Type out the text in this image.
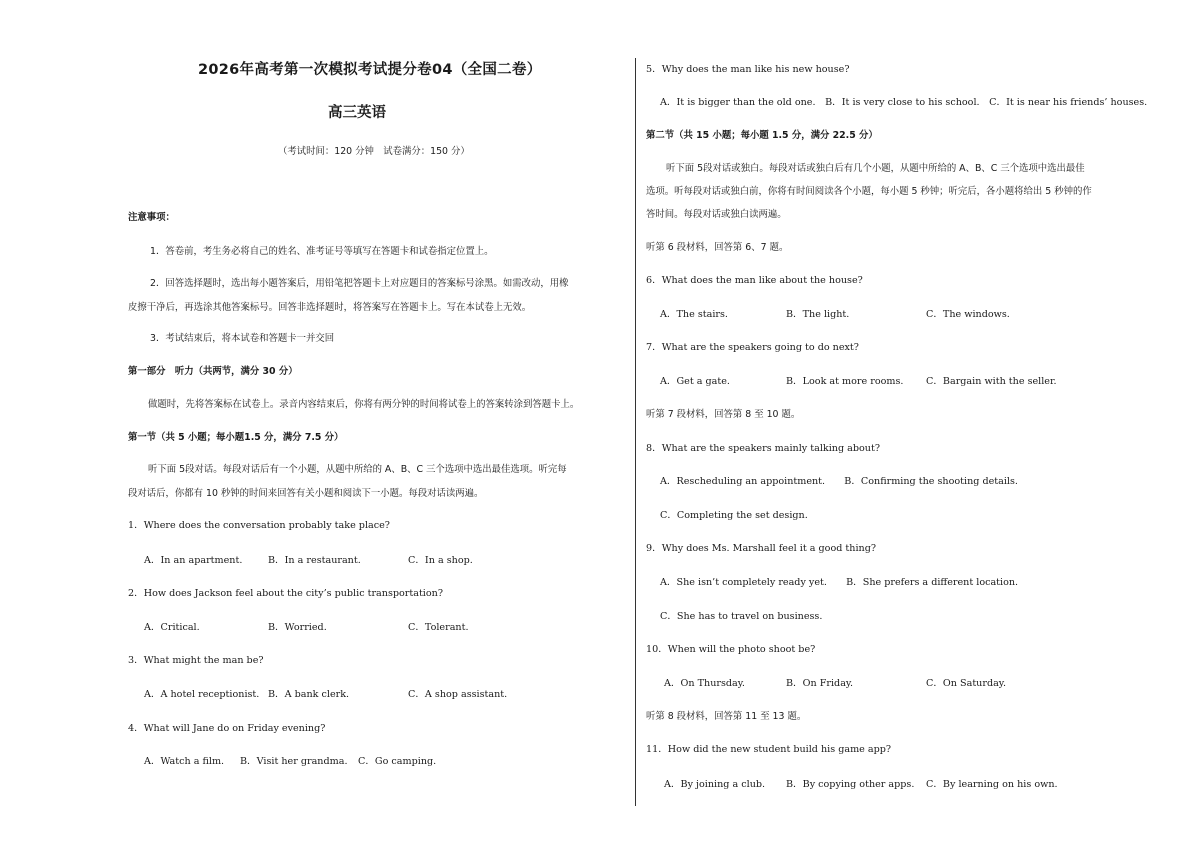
2026年高考第一次模拟考试提分卷04（全国二卷）
高三英语
（考试时间：120 分钟　试卷满分：150 分）
注意事项：
1．答卷前，考生务必将自己的姓名、准考证号等填写在答题卡和试卷指定位置上。
2．回答选择题时，选出每小题答案后，用铅笔把答题卡上对应题目的答案标号涂黑。如需改动，用橡
皮擦干净后，再选涂其他答案标号。回答非选择题时，将答案写在答题卡上。写在本试卷上无效。
3．考试结束后，将本试卷和答题卡一并交回
第一部分　听力（共两节，满分 30 分）
做题时，先将答案标在试卷上。录音内容结束后，你将有两分钟的时间将试卷上的答案转涂到答题卡上。
第一节（共 5 小题；每小题1.5 分，满分 7.5 分）
听下面 5段对话。每段对话后有一个小题，从题中所给的 A、B、C 三个选项中选出最佳选项。听完每
段对话后，你都有 10 秒钟的时间来回答有关小题和阅读下一小题。每段对话读两遍。
1．Where does the conversation probably take place?
A．In an apartment.	B．In a restaurant.	C．In a shop.
2．How does Jackson feel about the city’s public transportation?
A．Critical.	B．Worried.	C．Tolerant.
3．What might the man be?
A．A hotel receptionist. B．A bank clerk.	C．A shop assistant.
4．What will Jane do on Friday evening?
A．Watch a film. B．Visit her grandma. C．Go camping.
5．Why does the man like his new house?
A．It is bigger than the old one.　B．It is very close to his school.　C．It is near his friends’ houses.
第二节（共 15 小题；每小题 1.5 分，满分 22.5 分）
听下面 5段对话或独白。每段对话或独白后有几个小题，从题中所给的 A、B、C 三个选项中选出最佳
选项。听每段对话或独白前，你将有时间阅读各个小题，每小题 5 秒钟；听完后，各小题将给出 5 秒钟的作
答时间。每段对话或独白读两遍。
听第 6 段材料，回答第 6、7 题。
6．What does the man like about the house?
A．The stairs.	B．The light.	C．The windows.
7．What are the speakers going to do next?
A．Get a gate.	B．Look at more rooms. C．Bargain with the seller.
听第 7 段材料，回答第 8 至 10 题。
8．What are the speakers mainly talking about?
A．Rescheduling an appointment.　　B．Confirming the shooting details.
C．Completing the set design.
9．Why does Ms. Marshall feel it a good thing?
A．She isn’t completely ready yet.　　B．She prefers a different location.
C．She has to travel on business.
10．When will the photo shoot be?
A．On Thursday.	B．On Friday.	C．On Saturday.
听第 8 段材料，回答第 11 至 13 题。
11．How did the new student build his game app?
A．By joining a club. B．By copying other apps. C．By learning on his own.
